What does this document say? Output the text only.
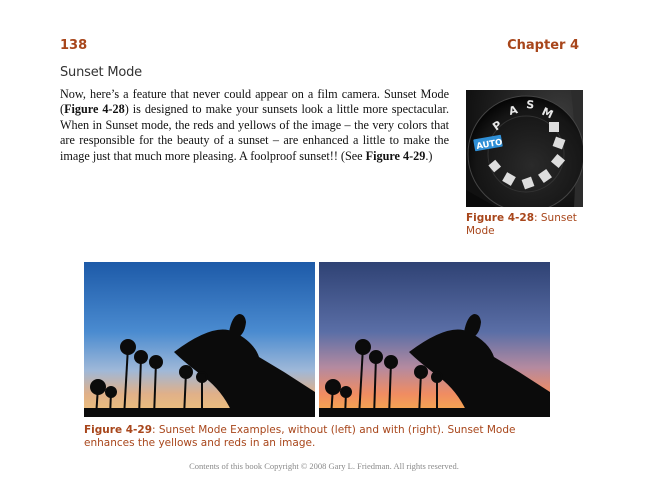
138	Chapter 4
Sunset Mode

Now, here’s a feature that never could appear on a film camera. Sunset Mode (Figure 4-28) is designed to make your sunsets look a little more spectacular. When in Sunset mode, the reds and yellows of the image – the very colors that are responsible for the beauty of a sunset – are enhanced a little to make the image just that much more pleasing. A foolproof sunset!! (See Figure 4-29.)

P
A S
M
AUTO
Figure 4-28: Sunset Mode
Figure 4-29: Sunset Mode Examples, without (left) and with (right). Sunset Mode enhances the yellows and reds in an image.
Contents of this book Copyright © 2008 Gary L. Friedman. All rights reserved.
